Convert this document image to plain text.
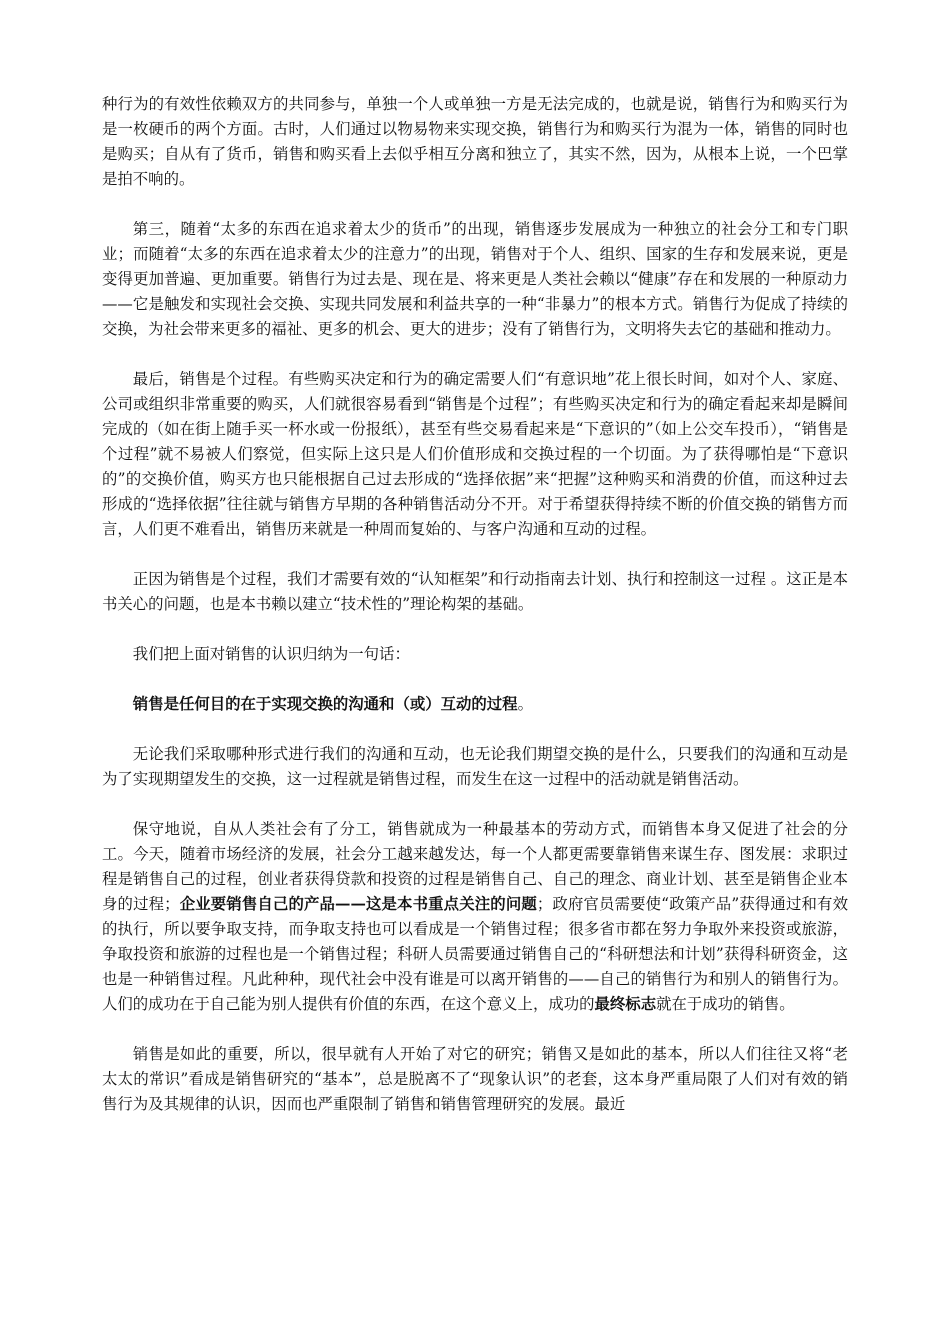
种行为的有效性依赖双方的共同参与，单独一个人或单独一方是无法完成的，也就是说，销售行为和购买行为是一枚硬币的两个方面。古时，人们通过以物易物来实现交换，销售行为和购买行为混为一体，销售的同时也是购买；自从有了货币，销售和购买看上去似乎相互分离和独立了，其实不然，因为，从根本上说，一个巴掌是拍不响的。

第三，随着“太多的东西在追求着太少的货币”的出现，销售逐步发展成为一种独立的社会分工和专门职业；而随着“太多的东西在追求着太少的注意力”的出现，销售对于个人、组织、国家的生存和发展来说，更是变得更加普遍、更加重要。销售行为过去是、现在是、将来更是人类社会赖以“健康”存在和发展的一种原动力——它是触发和实现社会交换、实现共同发展和利益共享的一种“非暴力”的根本方式。销售行为促成了持续的交换，为社会带来更多的福祉、更多的机会、更大的进步；没有了销售行为，文明将失去它的基础和推动力。

最后，销售是个过程。有些购买决定和行为的确定需要人们“有意识地”花上很长时间，如对个人、家庭、公司或组织非常重要的购买，人们就很容易看到“销售是个过程”；有些购买决定和行为的确定看起来却是瞬间完成的（如在街上随手买一杯水或一份报纸），甚至有些交易看起来是“下意识的”（如上公交车投币），“销售是个过程”就不易被人们察觉，但实际上这只是人们价值形成和交换过程的一个切面。为了获得哪怕是“下意识的”的交换价值，购买方也只能根据自己过去形成的“选择依据”来“把握”这种购买和消费的价值，而这种过去形成的“选择依据”往往就与销售方早期的各种销售活动分不开。对于希望获得持续不断的价值交换的销售方而言，人们更不难看出，销售历来就是一种周而复始的、与客户沟通和互动的过程。

正因为销售是个过程，我们才需要有效的“认知框架”和行动指南去计划、执行和控制这一过程 。这正是本书关心的问题，也是本书赖以建立“技术性的”理论构架的基础。

我们把上面对销售的认识归纳为一句话：

销售是任何目的在于实现交换的沟通和（或）互动的过程。

无论我们采取哪种形式进行我们的沟通和互动，也无论我们期望交换的是什么，只要我们的沟通和互动是为了实现期望发生的交换，这一过程就是销售过程，而发生在这一过程中的活动就是销售活动。

保守地说，自从人类社会有了分工，销售就成为一种最基本的劳动方式，而销售本身又促进了社会的分工。今天，随着市场经济的发展，社会分工越来越发达，每一个人都更需要靠销售来谋生存、图发展：求职过程是销售自己的过程，创业者获得贷款和投资的过程是销售自己、自己的理念、商业计划、甚至是销售企业本身的过程；企业要销售自己的产品——这是本书重点关注的问题；政府官员需要使“政策产品”获得通过和有效的执行，所以要争取支持，而争取支持也可以看成是一个销售过程；很多省市都在努力争取外来投资或旅游，争取投资和旅游的过程也是一个销售过程；科研人员需要通过销售自己的“科研想法和计划”获得科研资金，这也是一种销售过程。凡此种种，现代社会中没有谁是可以离开销售的——自己的销售行为和别人的销售行为。人们的成功在于自己能为别人提供有价值的东西，在这个意义上，成功的最终标志就在于成功的销售。

销售是如此的重要，所以，很早就有人开始了对它的研究；销售又是如此的基本，所以人们往往又将“老太太的常识”看成是销售研究的“基本”，总是脱离不了“现象认识”的老套，这本身严重局限了人们对有效的销售行为及其规律的认识，因而也严重限制了销售和销售管理研究的发展。最近
